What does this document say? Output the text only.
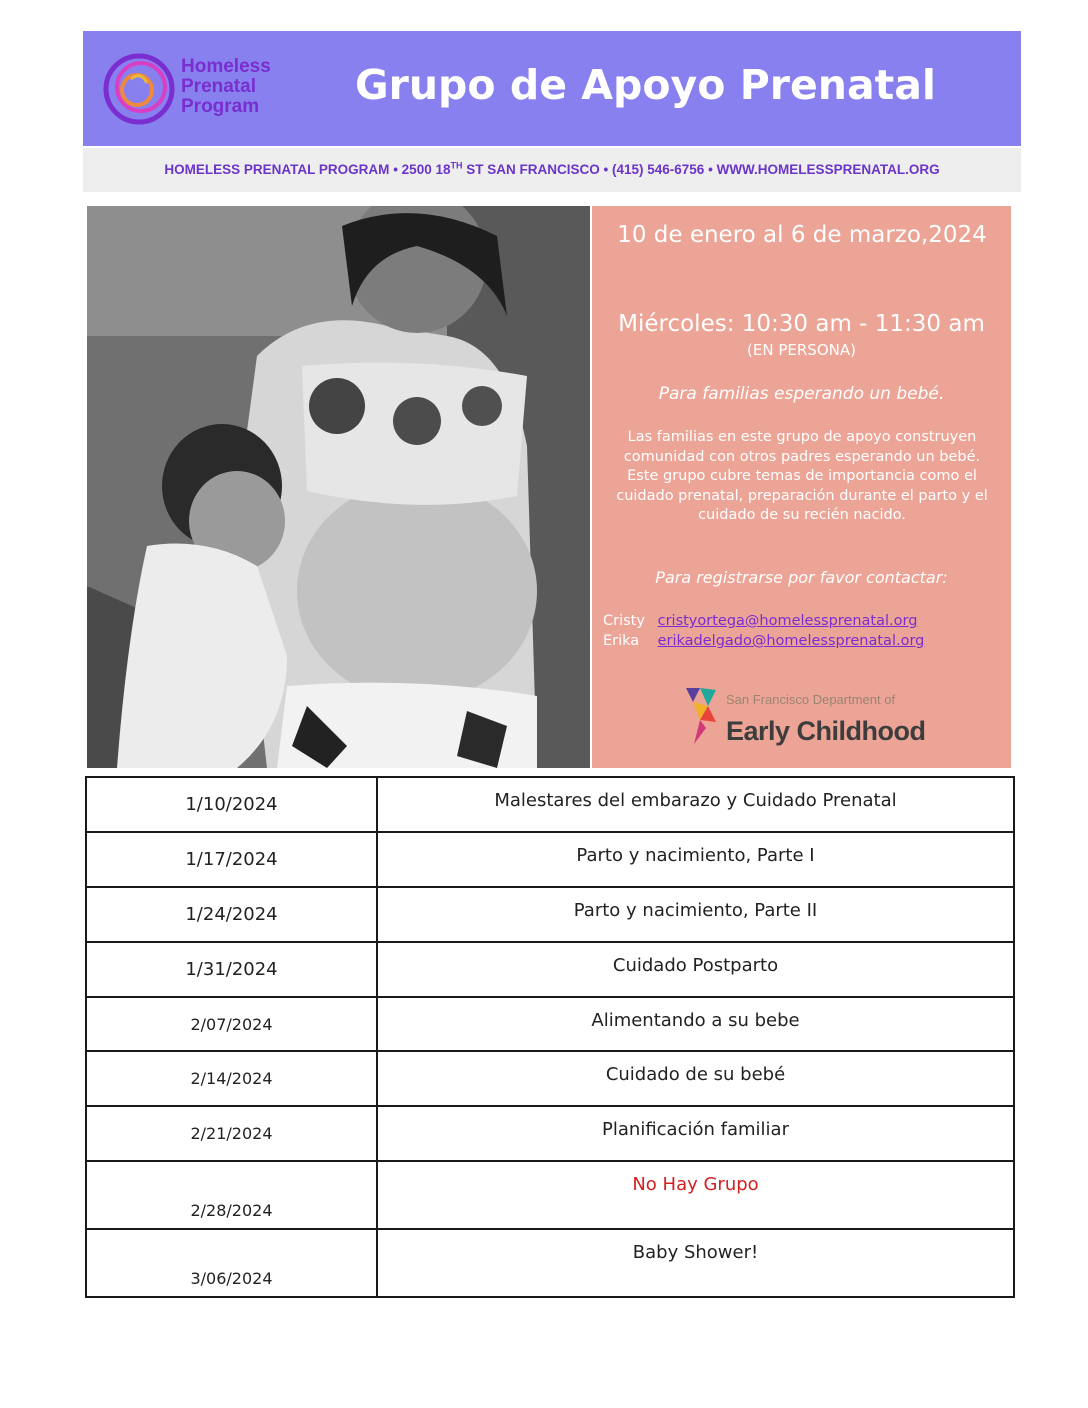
Homeless
Prenatal
Program Grupo de Apoyo Prenatal
HOMELESS PRENATAL PROGRAM • 2500 18TH ST SAN FRANCISCO • (415) 546-6756 • WWW.HOMELESSPRENATAL.ORG
10 de enero al 6 de marzo,2024
Miércoles: 10:30 am - 11:30 am
(EN PERSONA)
Para familias esperando un bebé.
Las familias en este grupo de apoyo construyen comunidad con otros padres esperando un bebé. Este grupo cubre temas de importancia como el cuidado prenatal, preparación durante el parto y el cuidado de su recién nacido.
Para registrarse por favor contactar:
Cristy cristyortega@homelessprenatal.org
Erika erikadelgado@homelessprenatal.org
San Francisco Department of
Early Childhood
1/10/2024	Malestares del embarazo y Cuidado Prenatal
1/17/2024	Parto y nacimiento, Parte I
1/24/2024	Parto y nacimiento, Parte II
1/31/2024	Cuidado Postparto
2/07/2024	Alimentando a su bebe
2/14/2024	Cuidado de su bebé
2/21/2024	Planificación familiar
2/28/2024	No Hay Grupo
3/06/2024	Baby Shower!
